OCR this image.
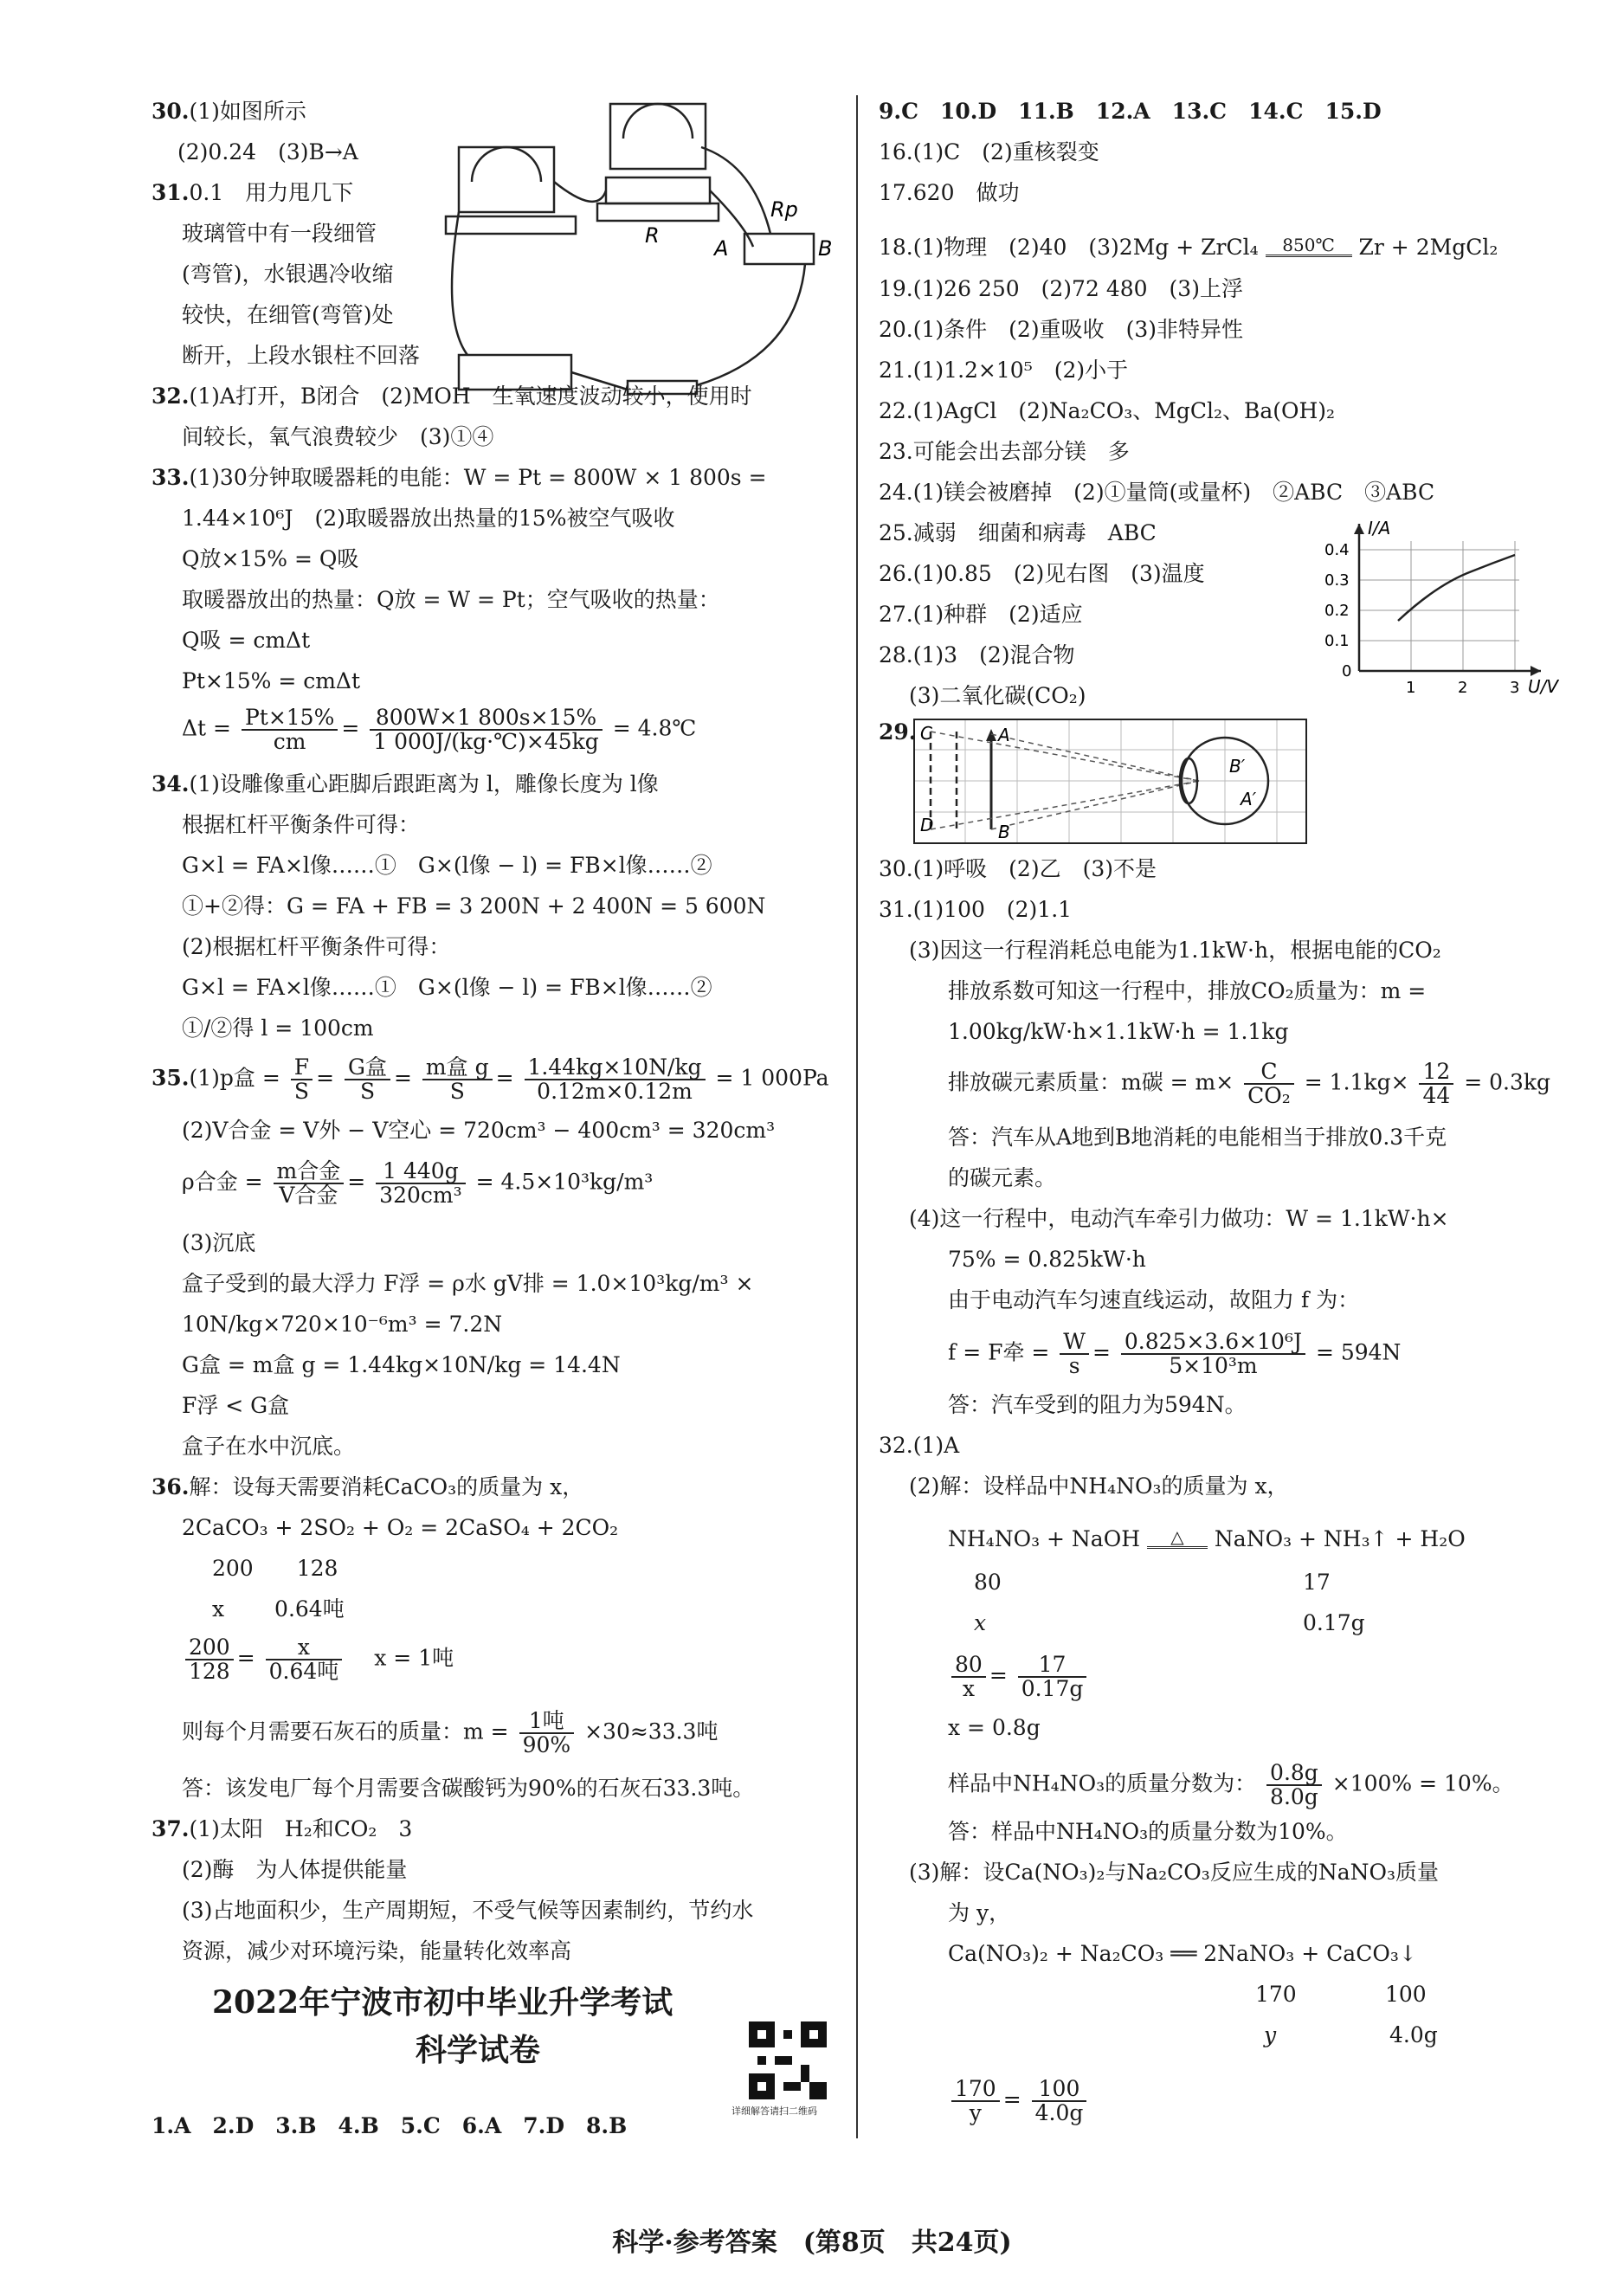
30.(1)如图所示
(2)0.24　(3)B→A
31.0.1　用力甩几下
玻璃管中有一段细管
(弯管)，水银遇冷收缩
较快，在细管(弯管)处
断开，上段水银柱不回落
R
Rp
A	B
32.(1)A打开，B闭合　(2)MOH　生氧速度波动较小，使用时
间较长，氧气浪费较少　(3)①④
33.(1)30分钟取暖器耗的电能：W = Pt = 800W × 1 800s =
1.44×10⁶J　(2)取暖器放出热量的15%被空气吸收
Q放×15% = Q吸
取暖器放出的热量：Q放 = W = Pt；空气吸收的热量：
Q吸 = cmΔt
Pt×15% = cmΔt
$\Delta t = \frac{Pt\times 15\%}{cm} = \frac{800W\times 1 800s\times 15\%}{1 000J/(kg\cdot℃)\times 45kg}$ = 4.8℃
34.(1)设雕像重心距脚后跟距离为 l，雕像长度为 l像
根据杠杆平衡条件可得：
G×l = FA×l像……①　G×(l像 − l) = FB×l像……②
①+②得：G = FA + FB = 3 200N + 2 400N = 5 600N
(2)根据杠杆平衡条件可得：
G×l = FA×l像……①　G×(l像 − l) = FB×l像……②
①/②得 l = 100cm
35.(1)p盒 = $\frac{F}{S} = \frac{\text{G盒}}{S} = \frac{\text{m盒 g}}{S} = \frac{1.44kg\times 10N/kg}{0.12m\times 0.12m} = 1$ 000Pa
(2)V合金 = V外 − V空心 = 720cm³ − 400cm³ = 320cm³
ρ合金 = $\frac{\text{m合金}}{\text{V合金}} = \frac{1 440g}{\text{320cm³}} = 4.5\times 10^3kg/m^3$
(3)沉底
盒子受到的最大浮力 F浮 = ρ水 gV排 = 1.0×10³kg/m³ ×
10N/kg×720×10⁻⁶m³ = 7.2N
G盒 = m盒 g = 1.44kg×10N/kg = 14.4N
F浮 < G盒
盒子在水中沉底。
36.解：设每天需要消耗CaCO₃的质量为 x，
2CaCO₃ + 2SO₂ + O₂ = 2CaSO₄ + 2CO₂
200　　128
x　　 0.64吨
$\frac{200}{128} = \frac{x}{\text{0.64吨}}$
　 x = 1吨
则每个月需要石灰石的质量：$m = \frac{\text{1吨}}{90\%} \times 30\approx 33.3$吨
答：该发电厂每个月需要含碳酸钙为90%的石灰石33.3吨。
37.(1)太阳　H₂和CO₂　3
(2)酶　为人体提供能量
(3)占地面积少，生产周期短，不受气候等因素制约，节约水
资源，减少对环境污染，能量转化效率高
2022年宁波市初中毕业升学考试
科学试卷
详细解答请扫二维码
1.A　2.D　3.B　4.B　5.C　6.A　7.D　8.B
9.C　10.D　11.B　12.A　13.C　14.C　15.D
16.(1)C　(2)重核裂变
17.620　做功
18.(1)物理　(2)40　(3)2Mg + ZrCl₄	850℃	Zr + 2MgCl₂
19.(1)26 250　(2)72 480　(3)上浮
20.(1)条件　(2)重吸收　(3)非特异性
21.(1)1.2×10⁵　(2)小于
22.(1)AgCl　(2)Na₂CO₃、MgCl₂、Ba(OH)₂
23.可能会出去部分镁　多
24.(1)镁会被磨掉　(2)①量筒(或量杯)　②ABC　③ABC
25.减弱　细菌和病毒　ABC
26.(1)0.85　(2)见右图　(3)温度
27.(1)种群　(2)适应
28.(1)3　(2)混合物
(3)二氧化碳(CO₂)
I/A
U/V
0.4
0.3
0.2
0.1
0
1	2	3
29. C
D
A
B
B′
A′
30.(1)呼吸　(2)乙　(3)不是
31.(1)100　(2)1.1
(3)因这一行程消耗总电能为1.1kW·h，根据电能的CO₂
排放系数可知这一行程中，排放CO₂质量为：m =
1.00kg/kW·h×1.1kW·h = 1.1kg
排放碳元素质量：m碳 = $m\times \frac{C}{\text{CO₂}} = 1.1kg\times \frac{12}{44} = 0.3kg$
答：汽车从A地到B地消耗的电能相当于排放0.3千克
的碳元素。
(4)这一行程中，电动汽车牵引力做功：W = 1.1kW·h×
75% = 0.825kW·h
由于电动汽车匀速直线运动，故阻力 f 为：
f = F牵 = $\frac{W}{s} = \frac{\text{0.825×3.6×10⁶J}}{\text{5×10³m}} = 594N$
答：汽车受到的阻力为594N。
32.(1)A
(2)解：设样品中NH₄NO₃的质量为 x，
NH₄NO₃ + NaOH	△	NaNO₃ + NH₃↑ + H₂O
80	17
x	0.17g
$\frac{80}{x} = \frac{17}{0.17g}$
x = 0.8g
样品中NH₄NO₃的质量分数为： $\frac{0.8g}{8.0g} \times 100\% = 10\%$。
答：样品中NH₄NO₃的质量分数为10%。
(3)解：设Ca(NO₃)₂与Na₂CO₃反应生成的NaNO₃质量
为 y，
Ca(NO₃)₂ + Na₂CO₃ ══ 2NaNO₃ + CaCO₃↓
170	100
y	4.0g
$\frac{170}{y} = \frac{100}{4.0g}$
科学·参考答案　(第8页　共24页)
